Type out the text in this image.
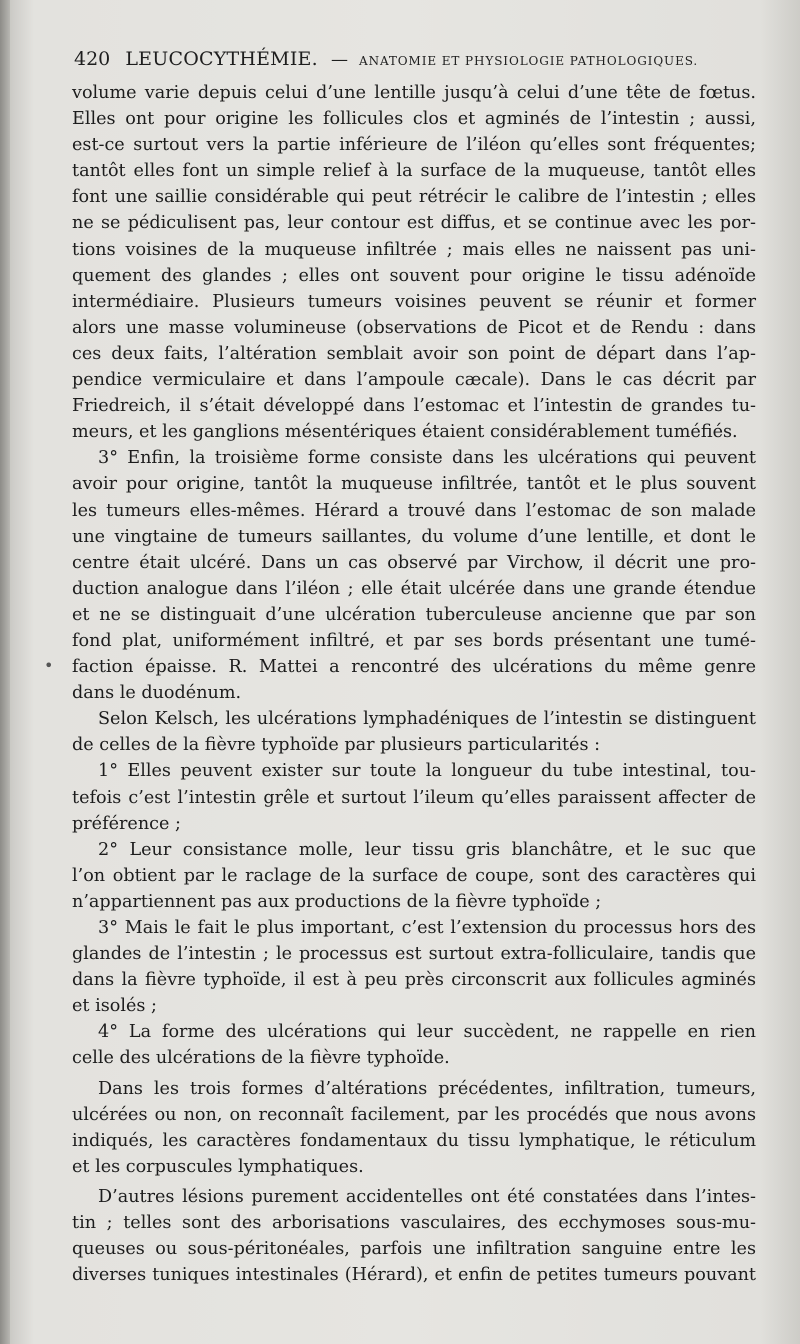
420 LEUCOCYTHÉMIE. — ANATOMIE ET PHYSIOLOGIE PATHOLOGIQUES.
•
volume varie depuis celui d’une lentille jusqu’à celui d’une tête de fœtus.
Elles ont pour origine les follicules clos et agminés de l’intestin ; aussi,
est-ce surtout vers la partie inférieure de l’iléon qu’elles sont fréquentes;
tantôt elles font un simple relief à la surface de la muqueuse, tantôt elles
font une saillie considérable qui peut rétrécir le calibre de l’intestin ; elles
ne se pédiculisent pas, leur contour est diffus, et se continue avec les por-
tions voisines de la muqueuse infiltrée ; mais elles ne naissent pas uni-
quement des glandes ; elles ont souvent pour origine le tissu adénoïde
intermédiaire. Plusieurs tumeurs voisines peuvent se réunir et former
alors une masse volumineuse (observations de Picot et de Rendu : dans
ces deux faits, l’altération semblait avoir son point de départ dans l’ap-
pendice vermiculaire et dans l’ampoule cæcale). Dans le cas décrit par
Friedreich, il s’était développé dans l’estomac et l’intestin de grandes tu-
meurs, et les ganglions mésentériques étaient considérablement tuméfiés.
3° Enfin, la troisième forme consiste dans les ulcérations qui peuvent
avoir pour origine, tantôt la muqueuse infiltrée, tantôt et le plus souvent
les tumeurs elles-mêmes. Hérard a trouvé dans l’estomac de son malade
une vingtaine de tumeurs saillantes, du volume d’une lentille, et dont le
centre était ulcéré. Dans un cas observé par Virchow, il décrit une pro-
duction analogue dans l’iléon ; elle était ulcérée dans une grande étendue
et ne se distinguait d’une ulcération tuberculeuse ancienne que par son
fond plat, uniformément infiltré, et par ses bords présentant une tumé-
faction épaisse. R. Mattei a rencontré des ulcérations du même genre
dans le duodénum.
Selon Kelsch, les ulcérations lymphadéniques de l’intestin se distinguent
de celles de la fièvre typhoïde par plusieurs particularités :
1° Elles peuvent exister sur toute la longueur du tube intestinal, tou-
tefois c’est l’intestin grêle et surtout l’ileum qu’elles paraissent affecter de
préférence ;
2° Leur consistance molle, leur tissu gris blanchâtre, et le suc que
l’on obtient par le raclage de la surface de coupe, sont des caractères qui
n’appartiennent pas aux productions de la fièvre typhoïde ;
3° Mais le fait le plus important, c’est l’extension du processus hors des
glandes de l’intestin ; le processus est surtout extra-folliculaire, tandis que
dans la fièvre typhoïde, il est à peu près circonscrit aux follicules agminés
et isolés ;
4° La forme des ulcérations qui leur succèdent, ne rappelle en rien
celle des ulcérations de la fièvre typhoïde.
Dans les trois formes d’altérations précédentes, infiltration, tumeurs,
ulcérées ou non, on reconnaît facilement, par les procédés que nous avons
indiqués, les caractères fondamentaux du tissu lymphatique, le réticulum
et les corpuscules lymphatiques.
D’autres lésions purement accidentelles ont été constatées dans l’intes-
tin ; telles sont des arborisations vasculaires, des ecchymoses sous-mu-
queuses ou sous-péritonéales, parfois une infiltration sanguine entre les
diverses tuniques intestinales (Hérard), et enfin de petites tumeurs pouvant
